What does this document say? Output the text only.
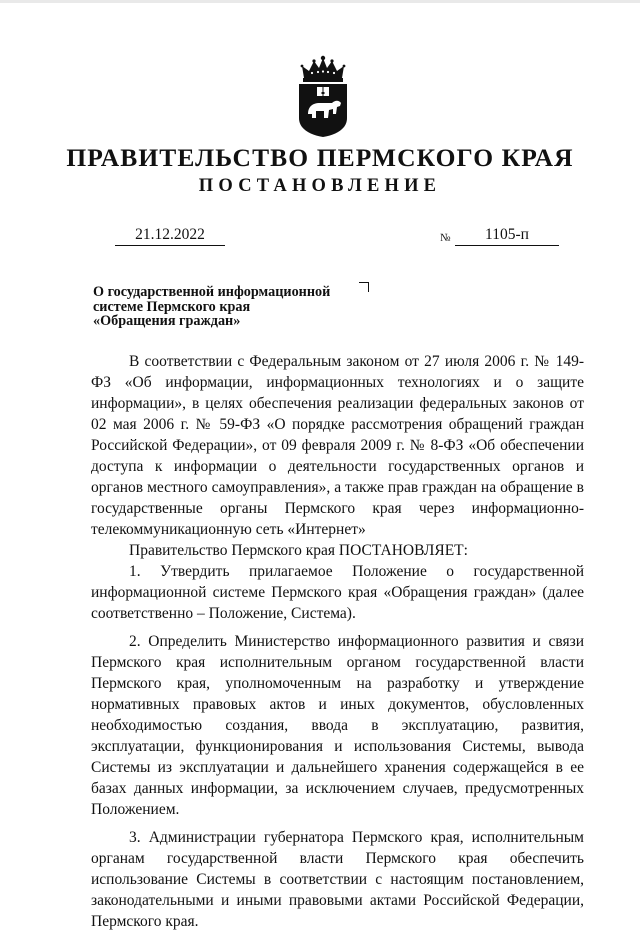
ПРАВИТЕЛЬСТВО ПЕРМСКОГО КРАЯ
ПОСТАНОВЛЕНИЕ
21.12.2022	№	1105-п
О государственной информационной
системе Пермского края
«Обращения граждан»

В соответствии с Федеральным законом от 27 июля 2006 г. № 149-ФЗ «Об информации, информационных технологиях и о защите информации», в целях обеспечения реализации федеральных законов от 02 мая 2006 г. № 59-ФЗ «О порядке рассмотрения обращений граждан Российской Федерации», от 09 февраля 2009 г. № 8-ФЗ «Об обеспечении доступа к информации о деятельности государственных органов и органов местного самоуправления», а также прав граждан на обращение в государственные органы Пермского края через информационно-телекоммуникационную сеть «Интернет»

Правительство Пермского края ПОСТАНОВЛЯЕТ:

1. Утвердить прилагаемое Положение о государственной информационной системе Пермского края «Обращения граждан» (далее соответственно – Положение, Система).

2. Определить Министерство информационного развития и связи Пермского края исполнительным органом государственной власти Пермского края, уполномоченным на разработку и утверждение нормативных правовых актов и иных документов, обусловленных необходимостью создания, ввода в эксплуатацию, развития, эксплуатации, функционирования и использования Системы, вывода Системы из эксплуатации и дальнейшего хранения содержащейся в ее базах данных информации, за исключением случаев, предусмотренных Положением.

3. Администрации губернатора Пермского края, исполнительным органам государственной власти Пермского края обеспечить использование Системы в соответствии с настоящим постановлением, законодательными и иными правовыми актами Российской Федерации, Пермского края.
